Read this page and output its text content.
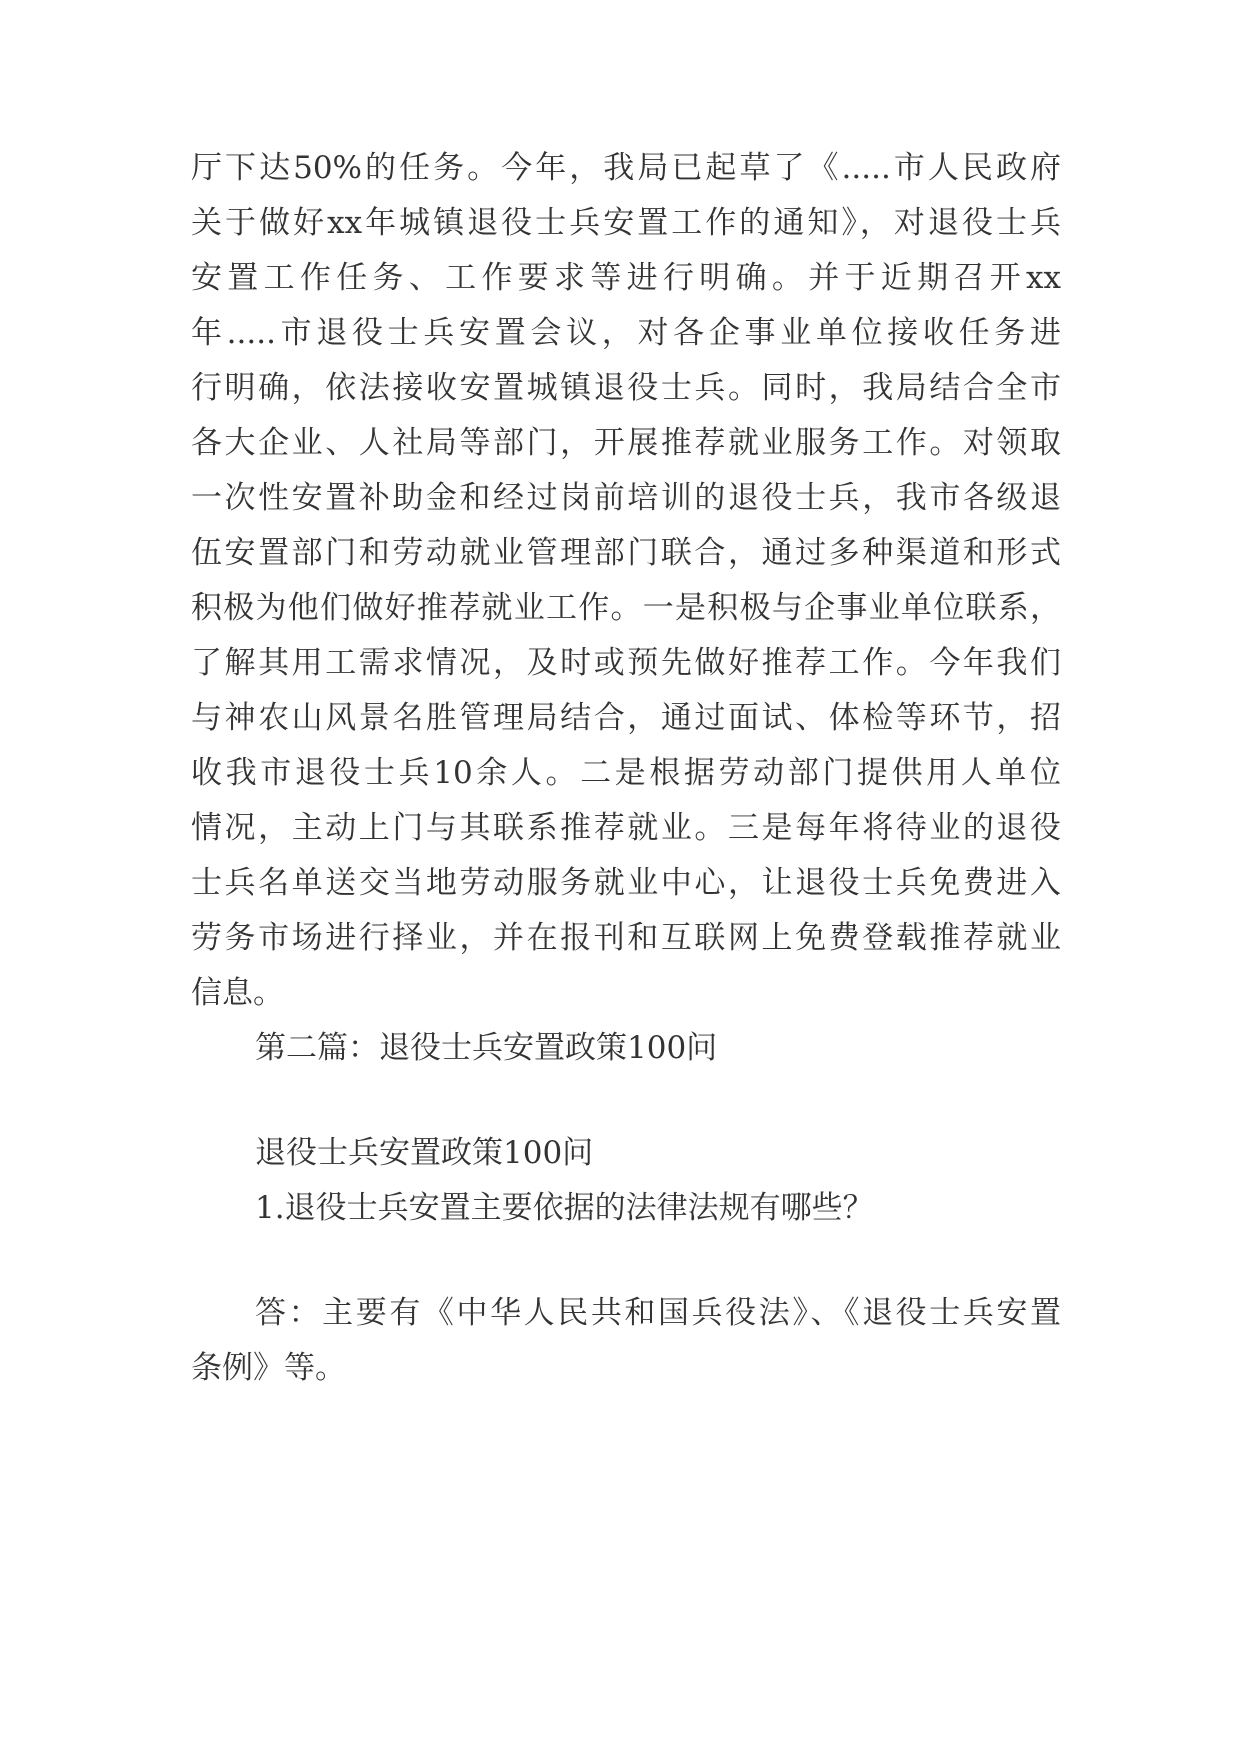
厅下达50%的任务。今年，我局已起草了《.....市人民政府
关于做好xx年城镇退役士兵安置工作的通知》，对退役士兵
安置工作任务、工作要求等进行明确。并于近期召开xx
年.....市退役士兵安置会议，对各企事业单位接收任务进
行明确，依法接收安置城镇退役士兵。同时，我局结合全市
各大企业、人社局等部门，开展推荐就业服务工作。对领取
一次性安置补助金和经过岗前培训的退役士兵，我市各级退
伍安置部门和劳动就业管理部门联合，通过多种渠道和形式
积极为他们做好推荐就业工作。一是积极与企事业单位联系，
了解其用工需求情况，及时或预先做好推荐工作。今年我们
与神农山风景名胜管理局结合，通过面试、体检等环节，招
收我市退役士兵10余人。二是根据劳动部门提供用人单位
情况，主动上门与其联系推荐就业。三是每年将待业的退役
士兵名单送交当地劳动服务就业中心，让退役士兵免费进入
劳务市场进行择业，并在报刊和互联网上免费登载推荐就业
信息。
第二篇：退役士兵安置政策100问
退役士兵安置政策100问
1.退役士兵安置主要依据的法律法规有哪些？
答：主要有《中华人民共和国兵役法》、《退役士兵安置
条例》等。
